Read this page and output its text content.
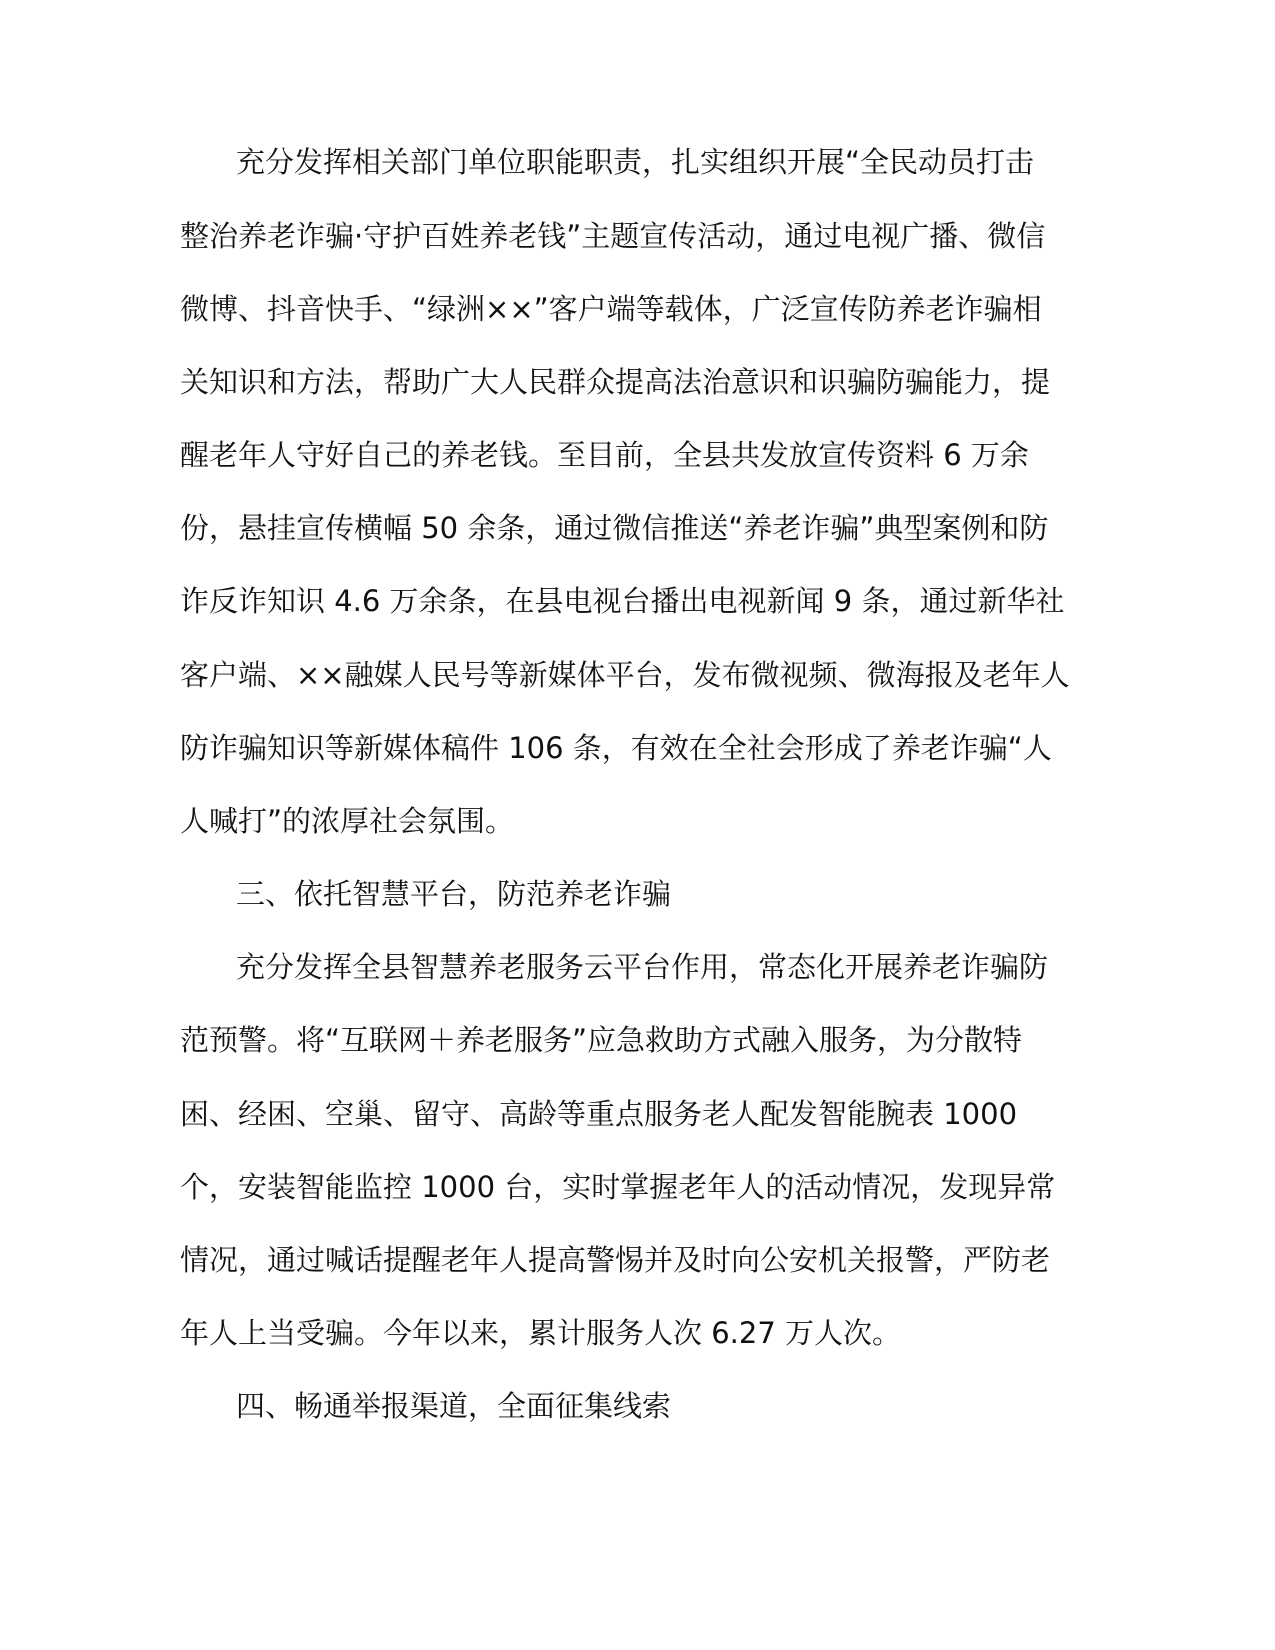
充分发挥相关部门单位职能职责，扎实组织开展“全民动员打击
整治养老诈骗·守护百姓养老钱”主题宣传活动，通过电视广播、微信
微博、抖音快手、“绿洲××”客户端等载体，广泛宣传防养老诈骗相
关知识和方法，帮助广大人民群众提高法治意识和识骗防骗能力，提
醒老年人守好自己的养老钱。至目前，全县共发放宣传资料 6 万余
份，悬挂宣传横幅 50 余条，通过微信推送“养老诈骗”典型案例和防
诈反诈知识 4.6 万余条，在县电视台播出电视新闻 9 条，通过新华社
客户端、××融媒人民号等新媒体平台，发布微视频、微海报及老年人
防诈骗知识等新媒体稿件 106 条，有效在全社会形成了养老诈骗“人
人喊打”的浓厚社会氛围。
三、依托智慧平台，防范养老诈骗
充分发挥全县智慧养老服务云平台作用，常态化开展养老诈骗防
范预警。将“互联网＋养老服务”应急救助方式融入服务，为分散特
困、经困、空巢、留守、高龄等重点服务老人配发智能腕表 1000
个，安装智能监控 1000 台，实时掌握老年人的活动情况，发现异常
情况，通过喊话提醒老年人提高警惕并及时向公安机关报警，严防老
年人上当受骗。今年以来，累计服务人次 6.27 万人次。
四、畅通举报渠道，全面征集线索
